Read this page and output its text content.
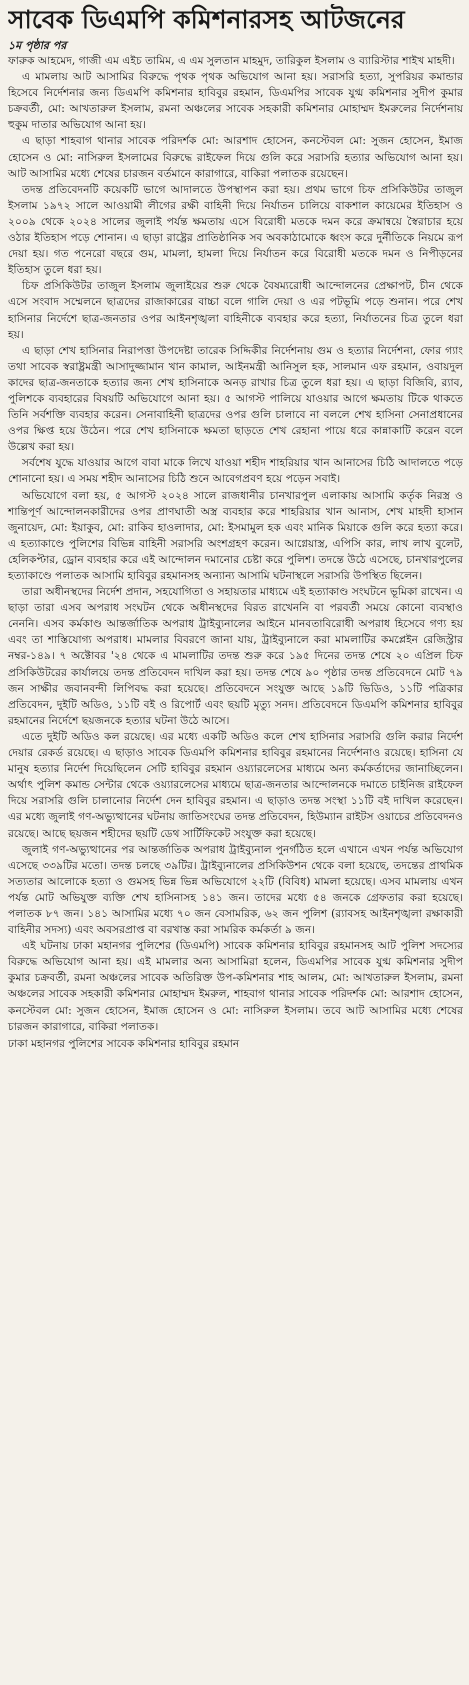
সাবেক ডিএমপি কমিশনারসহ আটজনের

১ম পৃষ্ঠার পর

ফারুক আহমেদ, গাজী এম এইচ তামিম, এ এম সুলতান মাহমুদ, তারিকুল ইসলাম ও ব্যারিস্টার শাইখ মাহদী।

এ মামলায় আট আসামির বিরুদ্ধে পৃথক পৃথক অভিযোগ আনা হয়। সরাসরি হত্যা, সুপরিয়র কমান্ডার হিসেবে নির্দেশনার জন্য ডিএমপি কমিশনার হাবিবুর রহমান, ডিএমপির সাবেক যুগ্ম কমিশনার সুদীপ কুমার চক্রবর্তী, মো: আখতারুল ইসলাম, রমনা অঞ্চলের সাবেক সহকারী কমিশনার মোহাম্মদ ইমরুলের নির্দেশনায় হুকুম দাতার অভিযোগ আনা হয়।

এ ছাড়া শাহবাগ থানার সাবেক পরিদর্শক মো: আরশাদ হোসেন, কনস্টেবল মো: সুজন হোসেন, ইমাজ হোসেন ও মো: নাসিরুল ইসলামের বিরুদ্ধে রাইফেল দিয়ে গুলি করে সরাসরি হত্যার অভিযোগ আনা হয়। আট আসামির মধ্যে শেষের চারজন বর্তমানে কারাগারে, বাকিরা পলাতক রয়েছেন।

তদন্ত প্রতিবেদনটি কয়েকটি ভাগে আদালতে উপস্থাপন করা হয়। প্রথম ভাগে চিফ প্রসিকিউটর তাজুল ইসলাম ১৯৭২ সালে আওয়ামী লীগের রক্ষী বাহিনী দিয়ে নির্যাতন চালিয়ে বাকশাল কায়েমের ইতিহাস ও ২০০৯ থেকে ২০২৪ সালের জুলাই পর্যন্ত ক্ষমতায় এসে বিরোধী মতকে দমন করে ক্রমান্বয়ে স্বৈরাচার হয়ে ওঠার ইতিহাস পড়ে শোনান। এ ছাড়া রাষ্ট্রের প্রাতিষ্ঠানিক সব অবকাঠামোকে ধ্বংস করে দুর্নীতিকে নিয়মে রূপ দেয়া হয়। গত পনেরো বছরে গুম, মামলা, হামলা দিয়ে নির্যাতন করে বিরোধী মতকে দমন ও নিপীড়নের ইতিহাস তুলে ধরা হয়।

চিফ প্রসিকিউটর তাজুল ইসলাম জুলাইয়ের শুরু থেকে বৈষম্যরোধী আন্দোলনের প্রেক্ষাপট, চীন থেকে এসে সংবাদ সম্মেলনে ছাত্রদের রাজাকারের বাচ্চা বলে গালি দেয়া ও এর পটভূমি পড়ে শুনান। পরে শেখ হাসিনার নির্দেশে ছাত্র-জনতার ওপর আইনশৃঙ্খলা বাহিনীকে ব্যবহার করে হত্যা, নির্যাতনের চিত্র তুলে ধরা হয়।

এ ছাড়া শেখ হাসিনার নিরাপত্তা উপদেষ্টা তারেক সিদ্দিকীর নির্দেশনায় গুম ও হত্যার নির্দেশনা, ফোর গ্যাং তথা সাবেক স্বরাষ্ট্রমন্ত্রী আসাদুজ্জামান খান কামাল, আইনমন্ত্রী আনিসুল হক, সালমান এফ রহমান, ওবায়দুল কাদের ছাত্র-জনতাকে হত্যার জন্য শেখ হাসিনাকে অনড় রাখার চিত্র তুলে ধরা হয়। এ ছাড়া বিজিবি, র‌্যাব, পুলিশকে ব্যবহারের বিষয়টি অভিযোগে আনা হয়। ৫ আগস্ট পালিয়ে যাওয়ার আগে ক্ষমতায় টিকে থাকতে তিনি সর্বশক্তি ব্যবহার করেন। সেনাবাহিনী ছাত্রদের ওপর গুলি চালাবে না বললে শেখ হাসিনা সেনাপ্রধানের ওপর ক্ষিপ্ত হয়ে উঠেন। পরে শেখ হাসিনাকে ক্ষমতা ছাড়তে শেখ রেহানা পায়ে ধরে কান্নাকাটি করেন বলে উল্লেখ করা হয়।

সর্বশেষ যুদ্ধে যাওয়ার আগে বাবা মাকে লিখে যাওয়া শহীদ শাহরিয়ার খান আনাসের চিঠি আদালতে পড়ে শোনানো হয়। এ সময় শহীদ আনাসের চিঠি শুনে আবেগপ্রবণ হয়ে পড়েন সবাই।

অভিযোগে বলা হয়, ৫ আগস্ট ২০২৪ সালে রাজধানীর চানখারপুল এলাকায় আসামি কর্তৃক নিরস্ত্র ও শান্তিপূর্ণ আন্দোলনকারীদের ওপর প্রাণঘাতী অস্ত্র ব্যবহার করে শাহরিয়ার খান আনাস, শেখ মাহদী হাসান জুনায়েদ, মো: ইয়াকুব, মো: রাকিব হাওলাদার, মো: ইসমামুল হক এবং মানিক মিয়াকে গুলি করে হত্যা করে। এ হত্যাকাণ্ডে পুলিশের বিভিন্ন বাহিনী সরাসরি অংশগ্রহণ করেন। আগ্নেয়াস্ত্র, এপিসি কার, লাখ লাখ বুলেট, হেলিকপ্টার, ড্রোন ব্যবহার করে এই আন্দোলন দমানোর চেষ্টা করে পুলিশ। তদন্তে উঠে এসেছে, চানখারপুলের হত্যাকাণ্ডে পলাতক আসামি হাবিবুর রহমানসহ অন্যান্য আসামি ঘটনাস্থলে সরাসরি উপস্থিত ছিলেন।

তারা অধীনস্থদের নির্দেশ প্রদান, সহযোগিতা ও সহায়তার মাধ্যমে এই হত্যাকাণ্ড সংঘটনে ভূমিকা রাখেন। এ ছাড়া তারা এসব অপরাধ সংঘটন থেকে অধীনস্থদের বিরত রাখেননি বা পরবর্তী সময়ে কোনো ব্যবস্থাও নেননি। এসব কর্মকাণ্ড আন্তর্জাতিক অপরাধ ট্রাইব্যুনালের আইনে মানবতাবিরোধী অপরাধ হিসেবে গণ্য হয় এবং তা শাস্তিযোগ্য অপরাধ। মামলার বিবরণে জানা যায়, ট্রাইব্যুনালে করা মামলাটির কমপ্লেইন রেজিস্ট্রার নম্বর-১৪৯। ৭ অক্টোবর '২৪ থেকে এ মামলাটির তদন্ত শুরু করে ১৯৫ দিনের তদন্ত শেষে ২০ এপ্রিল চিফ প্রসিকিউটরের কার্যালয়ে তদন্ত প্রতিবেদন দাখিল করা হয়। তদন্ত শেষে ৯০ পৃষ্ঠার তদন্ত প্রতিবেদনে মোট ৭৯ জন সাক্ষীর জবানবন্দী লিপিবদ্ধ করা হয়েছে। প্রতিবেদনে সংযুক্ত আছে ১৯টি ভিডিও, ১১টি পত্রিকার প্রতিবেদন, দুইটি অডিও, ১১টি বই ও রিপোর্ট এবং ছয়টি মৃত্যু সনদ। প্রতিবেদনে ডিএমপি কমিশনার হাবিবুর রহমানের নির্দেশে ছয়জনকে হত্যার ঘটনা উঠে আসে।

এতে দুইটি অডিও কল রয়েছে। এর মধ্যে একটি অডিও কলে শেখ হাসিনার সরাসরি গুলি করার নির্দেশ দেয়ার রেকর্ড রয়েছে। এ ছাড়াও সাবেক ডিএমপি কমিশনার হাবিবুর রহমানের নির্দেশনাও রয়েছে। হাসিনা যে মানুষ হত্যার নির্দেশ দিয়েছিলেন সেটি হাবিবুর রহমান ওয়্যারলেসের মাধ্যমে অন্য কর্মকর্তাদের জানাচ্ছিলেন। অর্থাৎ পুলিশ কমান্ড সেন্টার থেকে ওয়্যারলেসের মাধ্যমে ছাত্র-জনতার আন্দোলনকে দমাতে চাইনিজ রাইফেল দিয়ে সরাসরি গুলি চালানোর নির্দেশ দেন হাবিবুর রহমান। এ ছাড়াও তদন্ত সংস্থা ১১টি বই দাখিল করেছেন। এর মধ্যে জুলাই গণ-অভ্যুত্থানের ঘটনায় জাতিসংঘের তদন্ত প্রতিবেদন, হিউম্যান রাইটস ওয়াচের প্রতিবেদনও রয়েছে। আছে ছয়জন শহীদের ছয়টি ডেথ সার্টিফিকেট সংযুক্ত করা হয়েছে।

জুলাই গণ-অভ্যুত্থানের পর আন্তর্জাতিক অপরাধ ট্রাইব্যুনাল পুনর্গঠিত হলে এখানে এখন পর্যন্ত অভিযোগ এসেছে ৩৩৯টির মতো। তদন্ত চলছে ৩৯টির। ট্রাইব্যুনালের প্রসিকিউশন থেকে বলা হয়েছে, তদন্তের প্রাথমিক সত্যতার আলোকে হত্যা ও গুমসহ ভিন্ন ভিন্ন অভিযোগে ২২টি (বিবিধ) মামলা হয়েছে। এসব মামলায় এখন পর্যন্ত মোট অভিযুক্ত ব্যক্তি শেখ হাসিনাসহ ১৪১ জন। তাদের মধ্যে ৫৪ জনকে গ্রেফতার করা হয়েছে। পলাতক ৮৭ জন। ১৪১ আসামির মধ্যে ৭০ জন বেসামরিক, ৬২ জন পুলিশ (র‌্যাবসহ আইনশৃঙ্খলা রক্ষাকারী বাহিনীর সদস্য) এবং অবসরপ্রাপ্ত বা বরখাস্ত করা সামরিক কর্মকর্তা ৯ জন।

এই ঘটনায় ঢাকা মহানগর পুলিশের (ডিএমপি) সাবেক কমিশনার হাবিবুর রহমানসহ আট পুলিশ সদস্যের বিরুদ্ধে অভিযোগ আনা হয়। এই মামলার অন্য আসামিরা হলেন, ডিএমপির সাবেক যুগ্ম কমিশনার সুদীপ কুমার চক্রবর্তী, রমনা অঞ্চলের সাবেক অতিরিক্ত উপ-কমিশনার শাহ আলম, মো: আখতারুল ইসলাম, রমনা অঞ্চলের সাবেক সহকারী কমিশনার মোহাম্মদ ইমরুল, শাহবাগ থানার সাবেক পরিদর্শক মো: আরশাদ হোসেন, কনস্টেবল মো: সুজন হোসেন, ইমাজ হোসেন ও মো: নাসিরুল ইসলাম। তবে আট আসামির মধ্যে শেষের চারজন কারাগারে, বাকিরা পলাতক।

ঢাকা মহানগর পুলিশের সাবেক কমিশনার হাবিবুর রহমান
